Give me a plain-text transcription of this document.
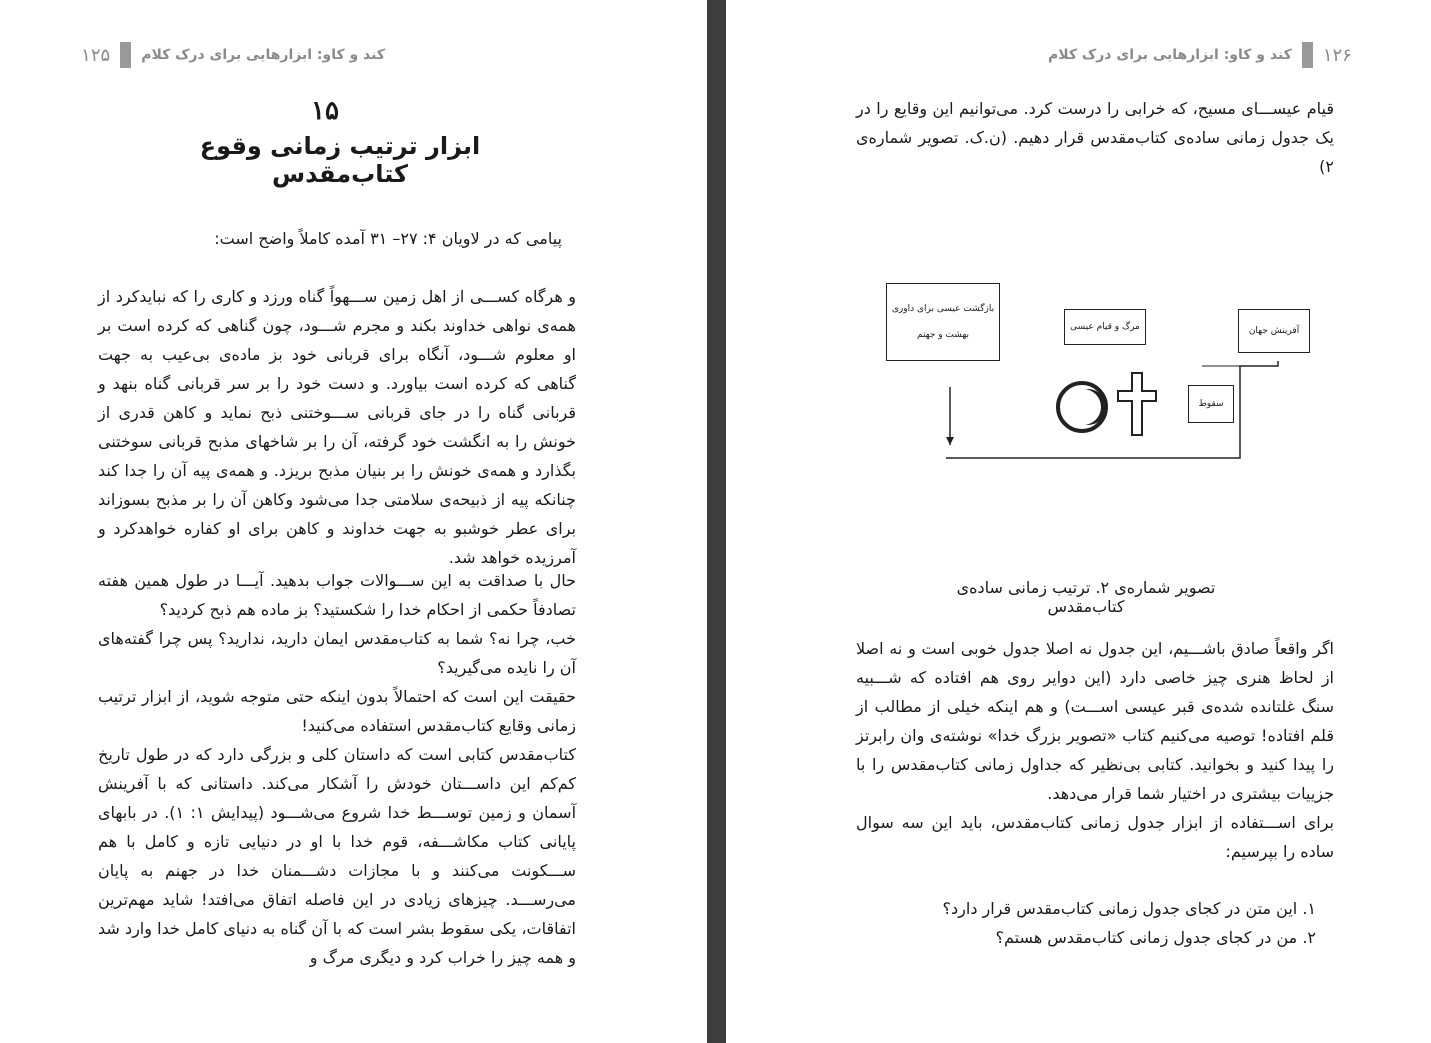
کند و کاو: ابزارهایی برای درک کلام
۱۲۵
۱۵
ابزار ترتیب زمانی وقوع کتاب‌مقدس
پیامی که در لاویان ۴: ۲۷– ۳۱ آمده کاملاً واضح است:
و هرگاه کســـی از اهل زمین ســـهواً گناه ورزد و کاری را که نبایدکرد از همه‌ی نواهی خداوند بکند و مجرم شـــود، چون گناهی که کرده است بر او معلوم شـــود، آنگاه برای قربانی خود بز ماده‌ی بی‌عیب به جهت گناهی که کرده است بیاورد. و دست خود را بر سر قربانی گناه بنهد و قربانی گناه را در جای قربانی ســـوختنی ذبح نماید و کاهن قدری از خونش را به انگشت خود گرفته، آن را بر شاخهای مذبح قربانی سوختنی بگذارد و همه‌ی خونش را بر بنیان مذبح بریزد. و همه‌ی پیه آن را جدا کند چنانکه پیه از ذبیحه‌ی سلامتی جدا می‌شود وکاهن آن را بر مذبح بسوزاند برای عطر خوشبو به جهت خداوند و کاهن برای او کفاره خواهدکرد و آمرزیده خواهد شد.

حال با صداقت به این ســـوالات جواب بدهید. آیـــا در طول همین هفته تصادفاً حکمی از احکام خدا را شکستید؟ بز ماده هم ذبح کردید؟

خب، چرا نه؟ شما به کتاب‌مقدس ایمان دارید، ندارید؟ پس چرا گفته‌های آن را نایده می‌گیرید؟

حقیقت این است که احتمالاً بدون اینکه حتی متوجه شوید، از ابزار ترتیب زمانی وقایع کتاب‌مقدس استفاده می‌کنید!

کتاب‌مقدس کتابی است که داستان کلی و بزرگی دارد که در طول تاریخ کم‌کم این داســـتان خودش را آشکار می‌کند. داستانی که با آفرینش آسمان و زمین توســـط خدا شروع می‌شـــود (پیدایش ۱: ۱). در بابهای پایانی کتاب مکاشـــفه، قوم خدا با او در دنیایی تازه و کامل با هم ســـکونت می‌کنند و با مجازات دشـــمنان خدا در جهنم به پایان می‌رســـد. چیزهای زیادی در این فاصله اتفاق می‌افتد! شاید مهم‌ترین اتفاقات، یکی سقوط بشر است که با آن گناه به دنیای کامل خدا وارد شد و همه چیز را خراب کرد و دیگری مرگ و

۱۲۶
کند و کاو: ابزارهایی برای درک کلام
قیام عیســـای مسیح، که خرابی را درست کرد. می‌توانیم این وقایع را در یک جدول زمانی ساده‌ی کتاب‌مقدس قرار دهیم. (ن.ک. تصویر شماره‌ی ۲)
بازگشت عیسی برای داوری
بهشت و جهنم
مرگ و قیام عیسی	آفرینش جهان
سقوط
تصویر شماره‌ی ۲. ترتیب زمانی ساده‌ی کتاب‌مقدس

اگر واقعاً صادق باشـــیم، این جدول نه اصلا جدول خوبی است و نه اصلا از لحاظ هنری چیز خاصی دارد (این دوایر روی هم افتاده که شـــبیه سنگ غلتانده شده‌ی قبر عیسی اســـت) و هم اینکه خیلی از مطالب از قلم افتاده! توصیه می‌کنیم کتاب «تصویر بزرگ خدا» نوشته‌ی وان رابرتز را پیدا کنید و بخوانید. کتابی بی‌نظیر که جداول زمانی کتاب‌مقدس را با جزییات بیشتری در اختیار شما قرار می‌دهد.

برای اســـتفاده از ابزار جدول زمانی کتاب‌مقدس، باید این سه سوال ساده را بپرسیم:

۱. این متن در کجای جدول زمانی کتاب‌مقدس قرار دارد؟

۲. من در کجای جدول زمانی کتاب‌مقدس هستم؟
